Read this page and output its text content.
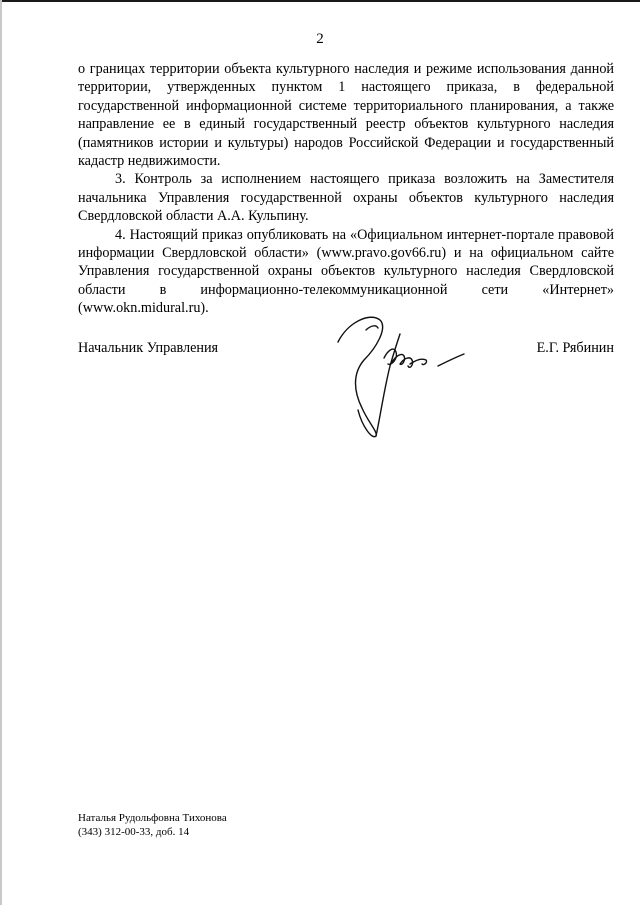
2

о границах территории объекта культурного наследия и режиме использования данной территории, утвержденных пунктом 1 настоящего приказа, в федеральной государственной информационной системе территориального планирования, а также направление ее в единый государственный реестр объектов культурного наследия (памятников истории и культуры) народов Российской Федерации и государственный кадастр недвижимости.

3. Контроль за исполнением настоящего приказа возложить на Заместителя начальника Управления государственной охраны объектов культурного наследия Свердловской области А.А. Кульпину.

4. Настоящий приказ опубликовать на «Официальном интернет-портале правовой информации Свердловской области» (www.pravo.gov66.ru) и на официальном сайте Управления государственной охраны объектов культурного наследия Свердловской области в информационно-телекоммуникационной сети «Интернет» (www.okn.midural.ru).

Начальник Управления	Е.Г. Рябинин
Наталья Рудольфовна Тихонова
(343) 312-00-33, доб. 14
